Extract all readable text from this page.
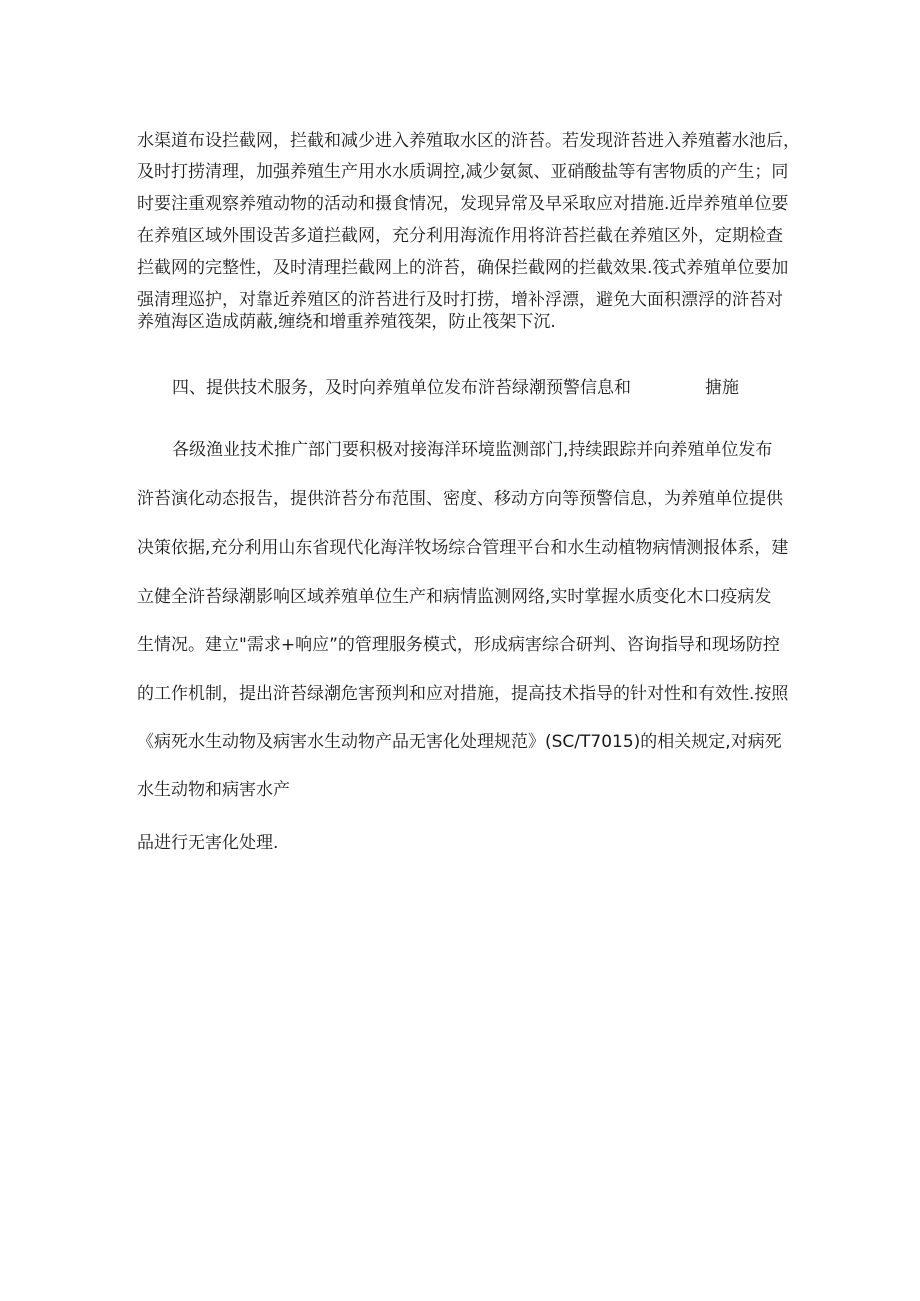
水渠道布设拦截网，拦截和减少进入养殖取水区的浒苔。若发现浒苔进入养殖蓄水池后，
及时打捞清理，加强养殖生产用水水质调控,减少氨氮、亚硝酸盐等有害物质的产生；同
时要注重观察养殖动物的活动和摄食情况，发现异常及早采取应对措施.近岸养殖单位要
在养殖区域外围设苦多道拦截网，充分利用海流作用将浒苔拦截在养殖区外，定期检查
拦截网的完整性，及时清理拦截网上的浒苔，确保拦截网的拦截效果.筏式养殖单位要加
强清理巡护，对靠近养殖区的浒苔进行及时打捞，增补浮漂，避免大面积漂浮的浒苔对
养殖海区造成荫蔽,缠绕和增重养殖筏架，防止筏架下沉.
四、提供技术服务，及时向养殖单位发布浒苔绿潮预警信息和	搪施
各级渔业技术推广部门要积极对接海洋环境监测部门,持续跟踪并向养殖单位发布
浒苔演化动态报告，提供浒苔分布范围、密度、移动方向等预警信息，为养殖单位提供
决策依据,充分利用山东省现代化海洋牧场综合管理平台和水生动植物病情测报体系，建
立健全浒苔绿潮影响区域养殖单位生产和病情监测网络,实时掌握水质变化木口疫病发
生情况。建立"需求+响应”的管理服务模式，形成病害综合研判、咨询指导和现场防控
的工作机制，提出浒苔绿潮危害预判和应对措施，提高技术指导的针对性和有效性.按照
《病死水生动物及病害水生动物产品无害化处理规范》(SC/T7015)的相关规定,对病死
水生动物和病害水产
品进行无害化处理.
